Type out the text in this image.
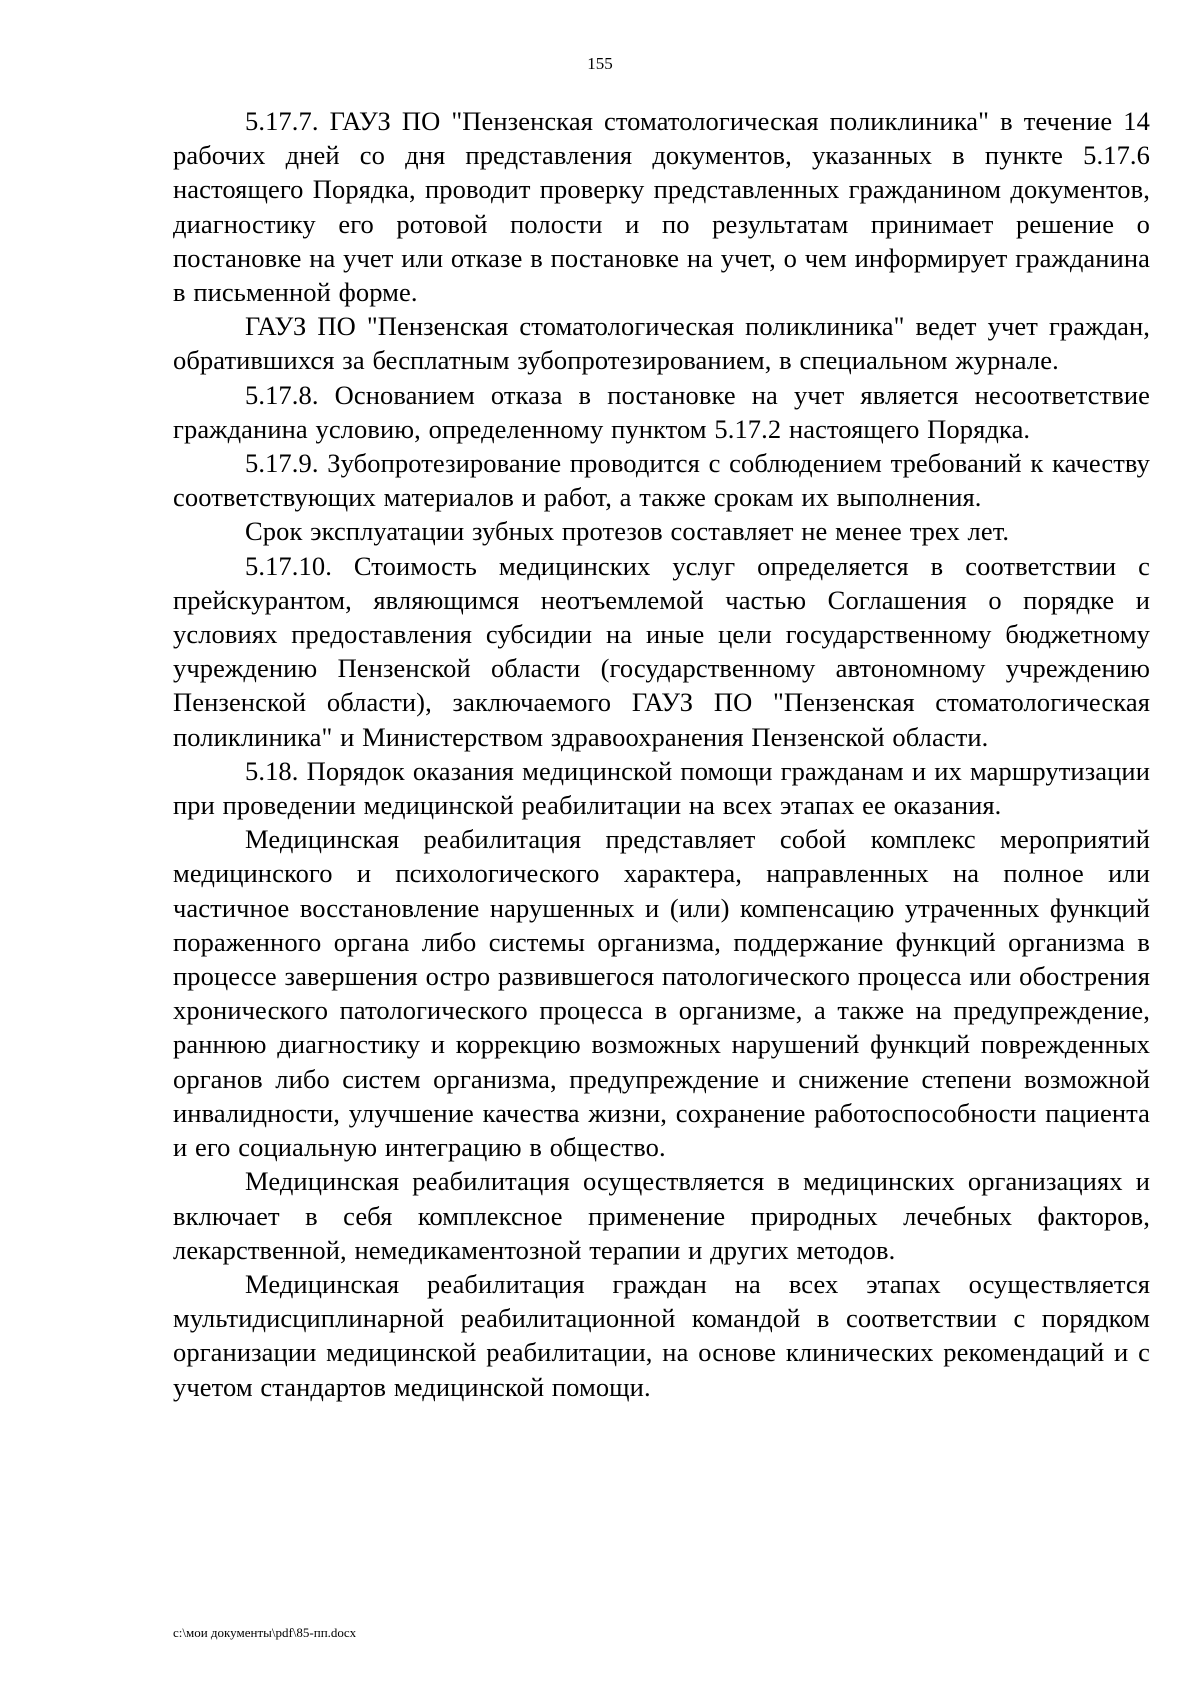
155

5.17.7. ГАУЗ ПО "Пензенская стоматологическая поликлиника" в течение 14 рабочих дней со дня представления документов, указанных в пункте 5.17.6 настоящего Порядка, проводит проверку представленных гражданином документов, диагностику его ротовой полости и по результатам принимает решение о постановке на учет или отказе в постановке на учет, о чем информирует гражданина в письменной форме.

ГАУЗ ПО "Пензенская стоматологическая поликлиника" ведет учет граждан, обратившихся за бесплатным зубопротезированием, в специальном журнале.

5.17.8. Основанием отказа в постановке на учет является несоответствие гражданина условию, определенному пунктом 5.17.2 настоящего Порядка.

5.17.9. Зубопротезирование проводится с соблюдением требований к качеству соответствующих материалов и работ, а также срокам их выполнения.

Срок эксплуатации зубных протезов составляет не менее трех лет.

5.17.10. Стоимость медицинских услуг определяется в соответствии с прейскурантом, являющимся неотъемлемой частью Соглашения о порядке и условиях предоставления субсидии на иные цели государственному бюджетному учреждению Пензенской области (государственному автономному учреждению Пензенской области), заключаемого ГАУЗ ПО "Пензенская стоматологическая поликлиника" и Министерством здравоохранения Пензенской области.

5.18. Порядок оказания медицинской помощи гражданам и их маршрутизации при проведении медицинской реабилитации на всех этапах ее оказания.

Медицинская реабилитация представляет собой комплекс мероприятий медицинского и психологического характера, направленных на полное или частичное восстановление нарушенных и (или) компенсацию утраченных функций пораженного органа либо системы организма, поддержание функций организма в процессе завершения остро развившегося патологического процесса или обострения хронического патологического процесса в организме, а также на предупреждение, раннюю диагностику и коррекцию возможных нарушений функций поврежденных органов либо систем организма, предупреждение и снижение степени возможной инвалидности, улучшение качества жизни, сохранение работоспособности пациента и его социальную интеграцию в общество.

Медицинская реабилитация осуществляется в медицинских организациях и включает в себя комплексное применение природных лечебных факторов, лекарственной, немедикаментозной терапии и других методов.

Медицинская реабилитация граждан на всех этапах осуществляется мультидисциплинарной реабилитационной командой в соответствии с порядком организации медицинской реабилитации, на основе клинических рекомендаций и с учетом стандартов медицинской помощи.

c:\мои документы\pdf\85-пп.docx
